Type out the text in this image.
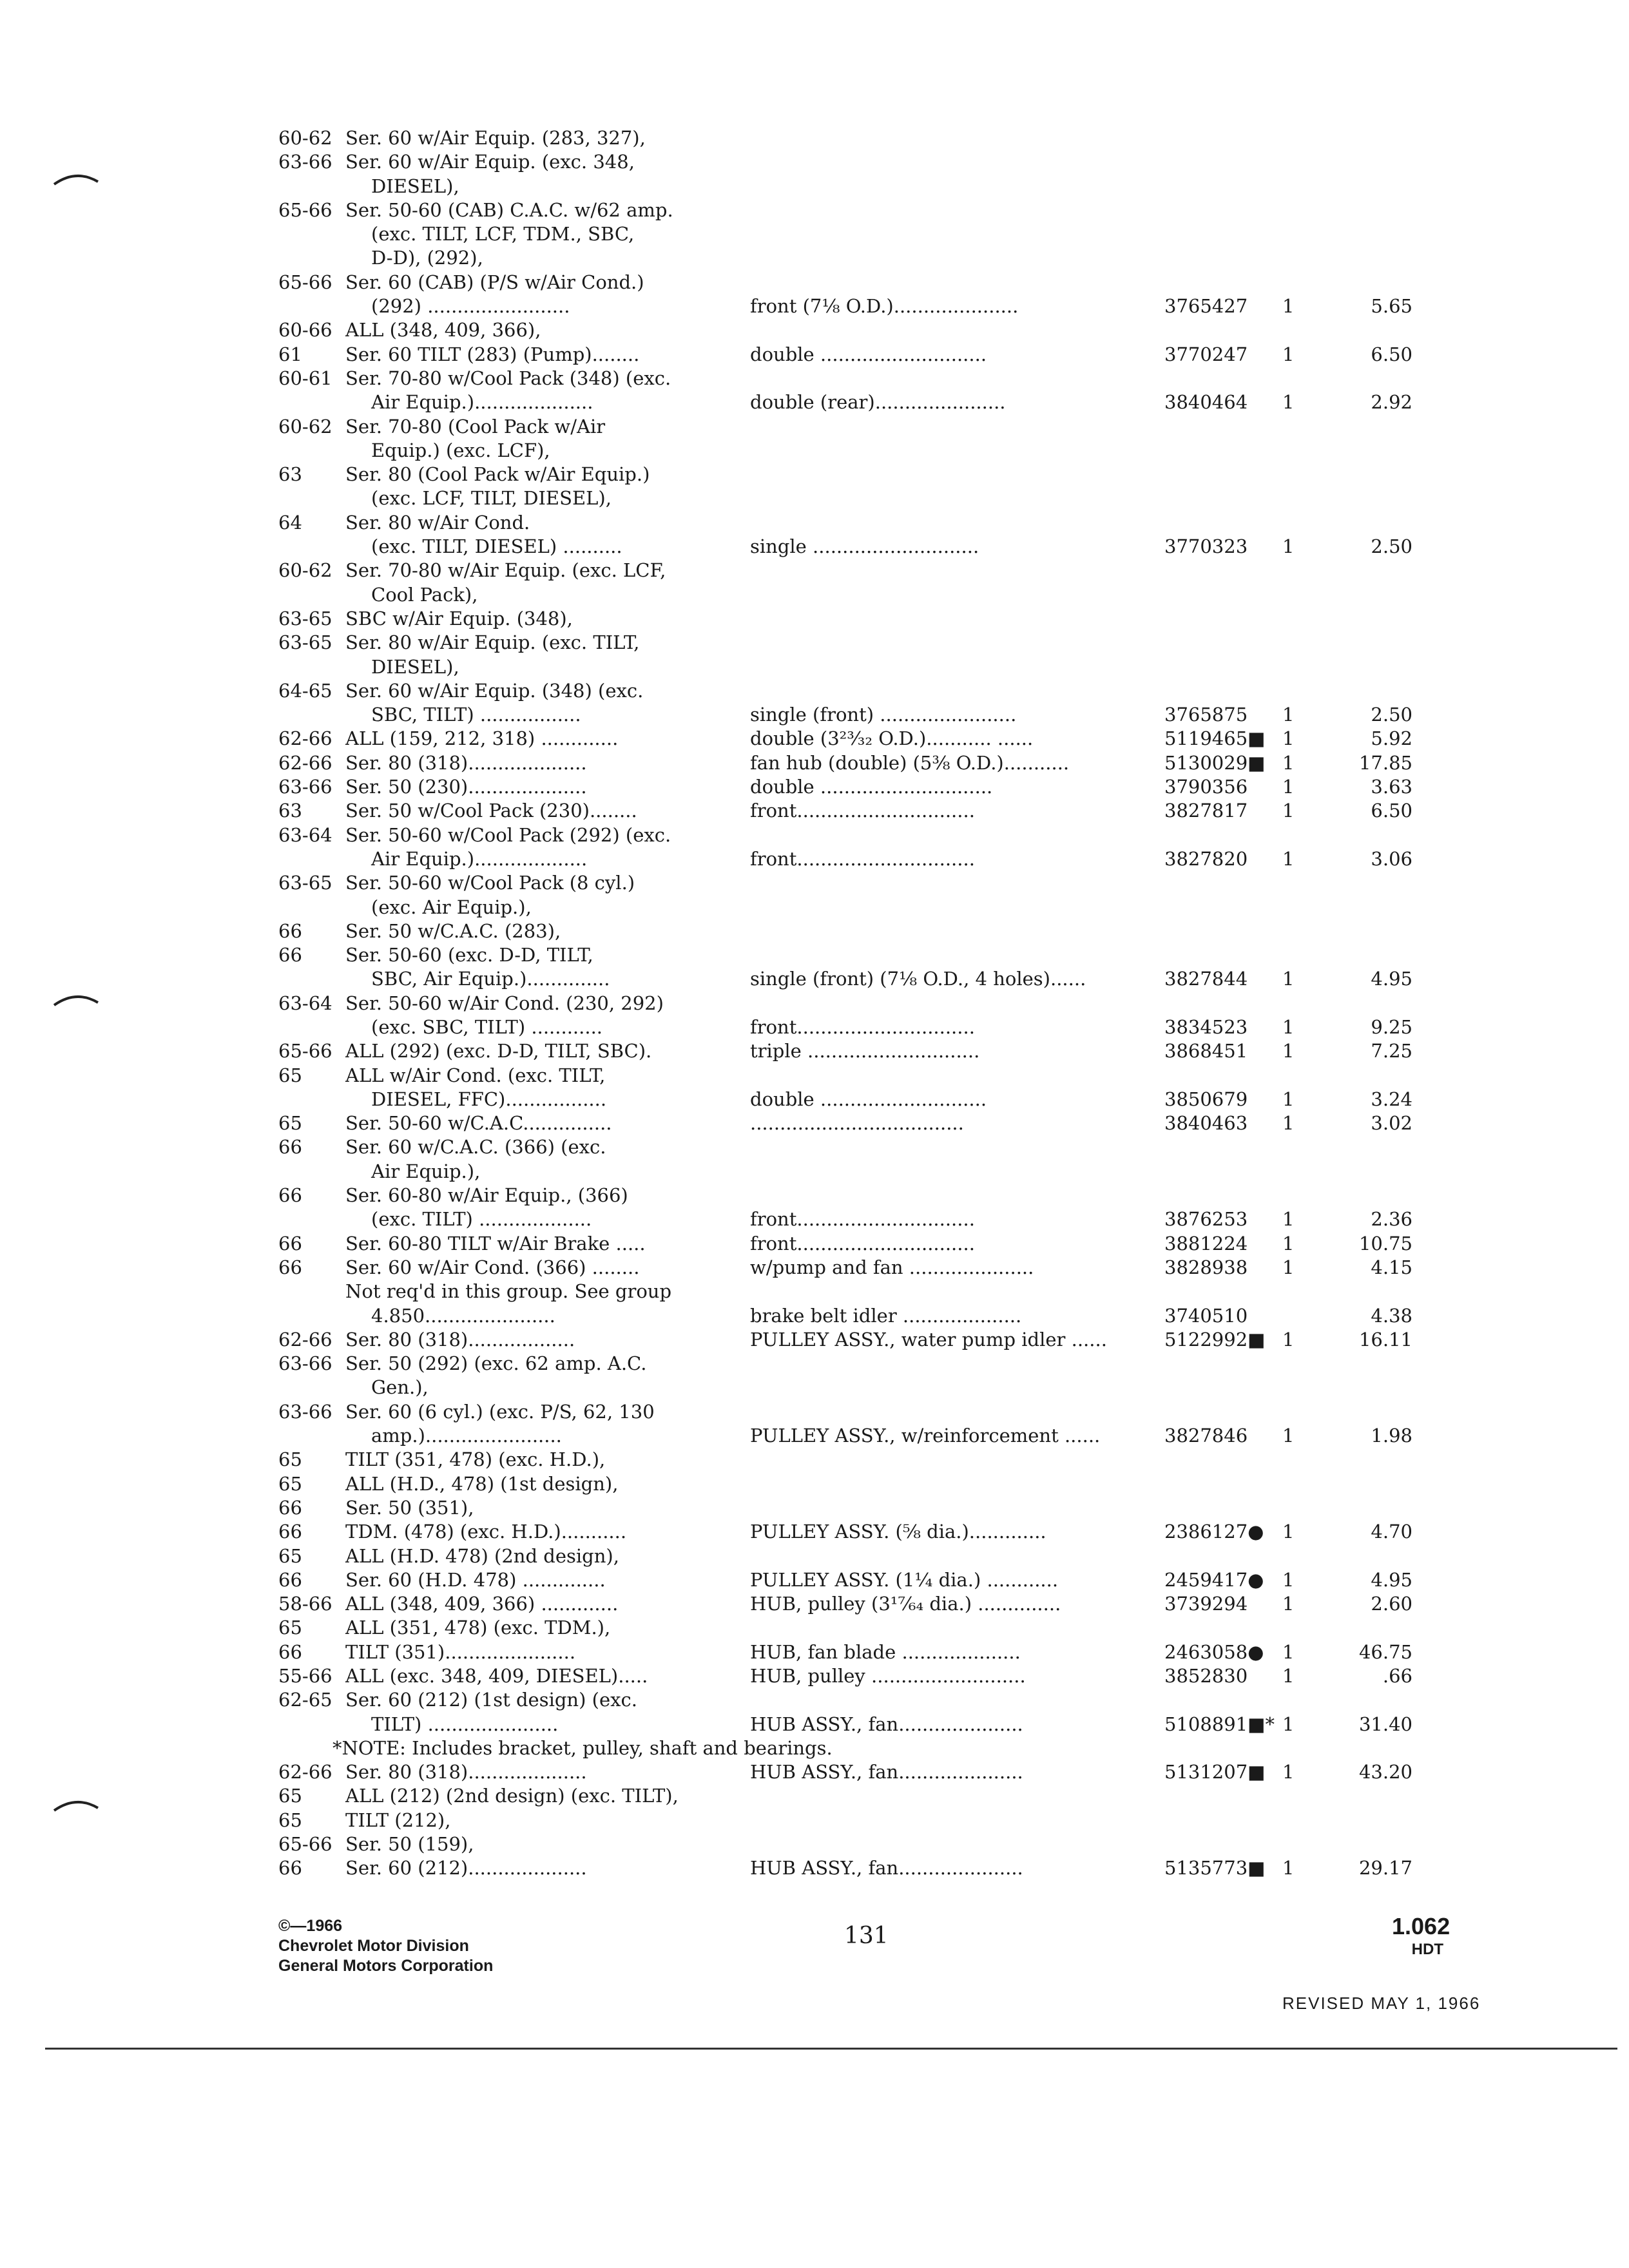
60-62 Ser. 60 w/Air Equip. (283, 327),
63-66 Ser. 60 w/Air Equip. (exc. 348,
DIESEL),
65-66 Ser. 50-60 (CAB) C.A.C. w/62 amp.
(exc. TILT, LCF, TDM., SBC,
D-D), (292),
65-66 Ser. 60 (CAB) (P/S w/Air Cond.)
(292) ........................	front (7⅛ O.D.).....................	3765427 1	5.65
60-66 ALL (348, 409, 366),
61 Ser. 60 TILT (283) (Pump)........	double ............................	3770247 1	6.50
60-61 Ser. 70-80 w/Cool Pack (348) (exc.
Air Equip.)....................	double (rear)......................	3840464 1	2.92
60-62 Ser. 70-80 (Cool Pack w/Air
Equip.) (exc. LCF),
63 Ser. 80 (Cool Pack w/Air Equip.)
(exc. LCF, TILT, DIESEL),
64 Ser. 80 w/Air Cond.
(exc. TILT, DIESEL) ..........	single ............................	3770323 1	2.50
60-62 Ser. 70-80 w/Air Equip. (exc. LCF,
Cool Pack),
63-65 SBC w/Air Equip. (348),
63-65 Ser. 80 w/Air Equip. (exc. TILT,
DIESEL),
64-65 Ser. 60 w/Air Equip. (348) (exc.
SBC, TILT) .................	single (front) .......................	3765875 1	2.50
62-66 ALL (159, 212, 318) .............	double (3²³⁄₃₂ O.D.)........... ......	5119465■ 1	5.92
62-66 Ser. 80 (318)....................	fan hub (double) (5⅜ O.D.)...........	5130029■ 1	17.85
63-66 Ser. 50 (230)....................	double .............................	3790356 1	3.63
63 Ser. 50 w/Cool Pack (230)........	front..............................	3827817 1	6.50
63-64 Ser. 50-60 w/Cool Pack (292) (exc.
Air Equip.)...................	front..............................	3827820 1	3.06
63-65 Ser. 50-60 w/Cool Pack (8 cyl.)
(exc. Air Equip.),
66 Ser. 50 w/C.A.C. (283),
66 Ser. 50-60 (exc. D-D, TILT,
SBC, Air Equip.)..............	single (front) (7⅛ O.D., 4 holes)......	3827844 1	4.95
63-64 Ser. 50-60 w/Air Cond. (230, 292)
(exc. SBC, TILT) ............	front..............................	3834523 1	9.25
65-66 ALL (292) (exc. D-D, TILT, SBC).	triple .............................	3868451 1	7.25
65 ALL w/Air Cond. (exc. TILT,
DIESEL, FFC).................	double ............................	3850679 1	3.24
65 Ser. 50-60 w/C.A.C...............	....................................	3840463 1	3.02
66 Ser. 60 w/C.A.C. (366) (exc.
Air Equip.),
66 Ser. 60-80 w/Air Equip., (366)
(exc. TILT) ...................	front..............................	3876253 1	2.36
66 Ser. 60-80 TILT w/Air Brake .....	front..............................	3881224 1	10.75
66 Ser. 60 w/Air Cond. (366) ........	w/pump and fan .....................	3828938 1	4.15
Not req'd in this group. See group
4.850......................	brake belt idler ....................	3740510	4.38
62-66 Ser. 80 (318)..................	PULLEY ASSY., water pump idler ......	5122992■ 1	16.11
63-66 Ser. 50 (292) (exc. 62 amp. A.C.
Gen.),
63-66 Ser. 60 (6 cyl.) (exc. P/S, 62, 130
amp.).......................	PULLEY ASSY., w/reinforcement ......	3827846 1	1.98
65 TILT (351, 478) (exc. H.D.),
65 ALL (H.D., 478) (1st design),
66 Ser. 50 (351),
66 TDM. (478) (exc. H.D.)...........	PULLEY ASSY. (⅝ dia.).............	2386127● 1	4.70
65 ALL (H.D. 478) (2nd design),
66 Ser. 60 (H.D. 478) ..............	PULLEY ASSY. (1¼ dia.) ............	2459417● 1	4.95
58-66 ALL (348, 409, 366) .............	HUB, pulley (3¹⁷⁄₆₄ dia.) ..............	3739294 1	2.60
65 ALL (351, 478) (exc. TDM.),
66 TILT (351)......................	HUB, fan blade ....................	2463058● 1	46.75
55-66 ALL (exc. 348, 409, DIESEL).....	HUB, pulley ..........................	3852830 1	.66
62-65 Ser. 60 (212) (1st design) (exc.
TILT) ......................	HUB ASSY., fan.....................	5108891■* 1	31.40
*NOTE: Includes bracket, pulley, shaft and bearings.
62-66 Ser. 80 (318)....................	HUB ASSY., fan.....................	5131207■ 1	43.20
65 ALL (212) (2nd design) (exc. TILT),
65 TILT (212),
65-66 Ser. 50 (159),
66 Ser. 60 (212)....................	HUB ASSY., fan.....................	5135773■ 1	29.17
©—1966
Chevrolet Motor Division
General Motors Corporation
131	1.062
HDT
REVISED MAY 1, 1966
